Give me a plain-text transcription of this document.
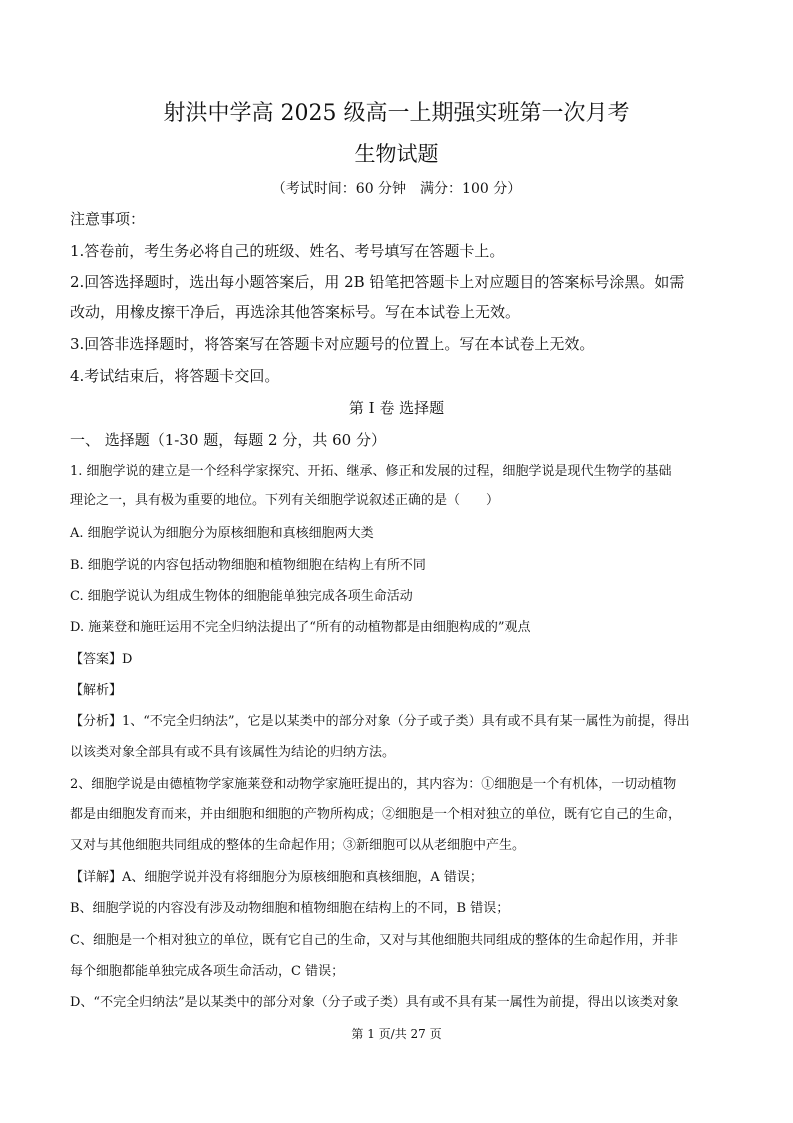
射洪中学高 2025 级高一上期强实班第一次月考
生物试题
（考试时间：60 分钟　满分：100 分）
注意事项：
1.答卷前，考生务必将自己的班级、姓名、考号填写在答题卡上。
2.回答选择题时，选出每小题答案后，用 2B 铅笔把答题卡上对应题目的答案标号涂黑。如需
改动，用橡皮擦干净后，再选涂其他答案标号。写在本试卷上无效。
3.回答非选择题时，将答案写在答题卡对应题号的位置上。写在本试卷上无效。
4.考试结束后，将答题卡交回。
第 I 卷 选择题
一、 选择题（1-30 题，每题 2 分，共 60 分）
1. 细胞学说的建立是一个经科学家探究、开拓、继承、修正和发展的过程，细胞学说是现代生物学的基础
理论之一，具有极为重要的地位。下列有关细胞学说叙述正确的是（　　）
A. 细胞学说认为细胞分为原核细胞和真核细胞两大类
B. 细胞学说的内容包括动物细胞和植物细胞在结构上有所不同
C. 细胞学说认为组成生物体的细胞能单独完成各项生命活动
D. 施莱登和施旺运用不完全归纳法提出了“所有的动植物都是由细胞构成的”观点
【答案】D
【解析】
【分析】1、“不完全归纳法”，它是以某类中的部分对象（分子或子类）具有或不具有某一属性为前提，得出
以该类对象全部具有或不具有该属性为结论的归纳方法。
2、细胞学说是由德植物学家施莱登和动物学家施旺提出的，其内容为：①细胞是一个有机体，一切动植物
都是由细胞发育而来，并由细胞和细胞的产物所构成；②细胞是一个相对独立的单位，既有它自己的生命，
又对与其他细胞共同组成的整体的生命起作用；③新细胞可以从老细胞中产生。
【详解】A、细胞学说并没有将细胞分为原核细胞和真核细胞，A 错误；
B、细胞学说的内容没有涉及动物细胞和植物细胞在结构上的不同，B 错误；
C、细胞是一个相对独立的单位，既有它自己的生命，又对与其他细胞共同组成的整体的生命起作用，并非
每个细胞都能单独完成各项生命活动，C 错误；
D、“不完全归纳法”是以某类中的部分对象（分子或子类）具有或不具有某一属性为前提，得出以该类对象
第 1 页/共 27 页
